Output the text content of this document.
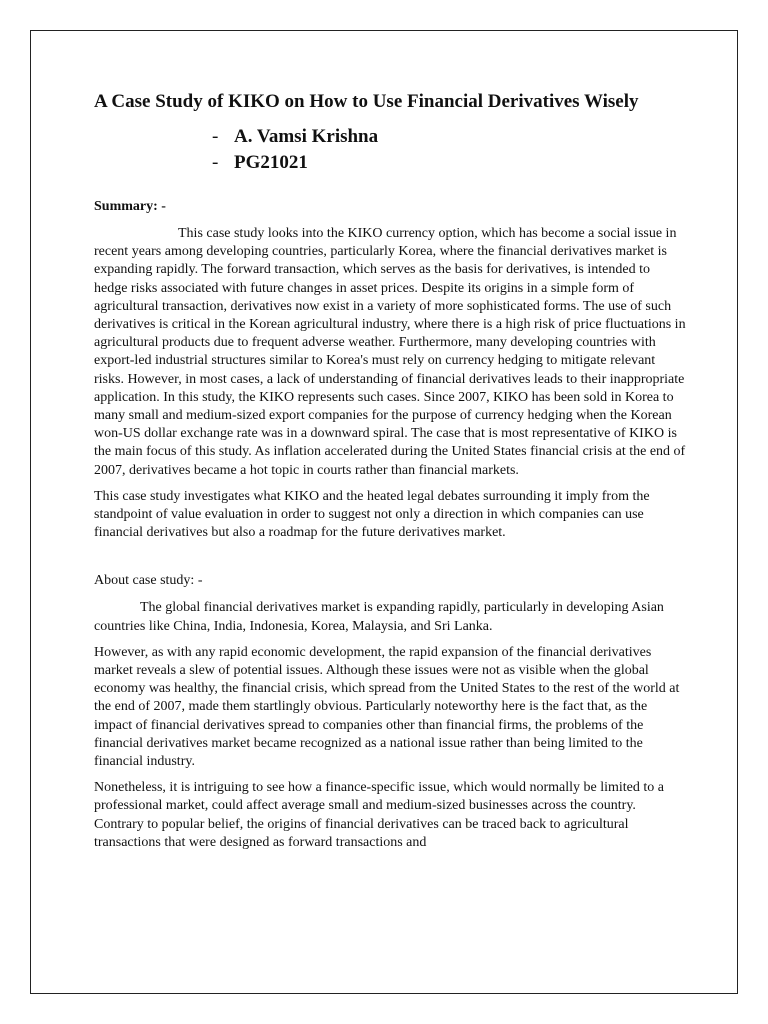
A Case Study of KIKO on How to Use Financial Derivatives Wisely
- A. Vamsi Krishna
- PG21021

Summary: -

This case study looks into the KIKO currency option, which has become a social issue in recent years among developing countries, particularly Korea, where the financial derivatives market is expanding rapidly. The forward transaction, which serves as the basis for derivatives, is intended to hedge risks associated with future changes in asset prices. Despite its origins in a simple form of agricultural transaction, derivatives now exist in a variety of more sophisticated forms. The use of such derivatives is critical in the Korean agricultural industry, where there is a high risk of price fluctuations in agricultural products due to frequent adverse weather. Furthermore, many developing countries with export-led industrial structures similar to Korea's must rely on currency hedging to mitigate relevant risks. However, in most cases, a lack of understanding of financial derivatives leads to their inappropriate application. In this study, the KIKO represents such cases. Since 2007, KIKO has been sold in Korea to many small and medium-sized export companies for the purpose of currency hedging when the Korean won-US dollar exchange rate was in a downward spiral. The case that is most representative of KIKO is the main focus of this study. As inflation accelerated during the United States financial crisis at the end of 2007, derivatives became a hot topic in courts rather than financial markets.

This case study investigates what KIKO and the heated legal debates surrounding it imply from the standpoint of value evaluation in order to suggest not only a direction in which companies can use financial derivatives but also a roadmap for the future derivatives market.

About case study: -

The global financial derivatives market is expanding rapidly, particularly in developing Asian countries like China, India, Indonesia, Korea, Malaysia, and Sri Lanka.

However, as with any rapid economic development, the rapid expansion of the financial derivatives market reveals a slew of potential issues. Although these issues were not as visible when the global economy was healthy, the financial crisis, which spread from the United States to the rest of the world at the end of 2007, made them startlingly obvious. Particularly noteworthy here is the fact that, as the impact of financial derivatives spread to companies other than financial firms, the problems of the financial derivatives market became recognized as a national issue rather than being limited to the financial industry.

Nonetheless, it is intriguing to see how a finance-specific issue, which would normally be limited to a professional market, could affect average small and medium-sized businesses across the country. Contrary to popular belief, the origins of financial derivatives can be traced back to agricultural transactions that were designed as forward transactions and
